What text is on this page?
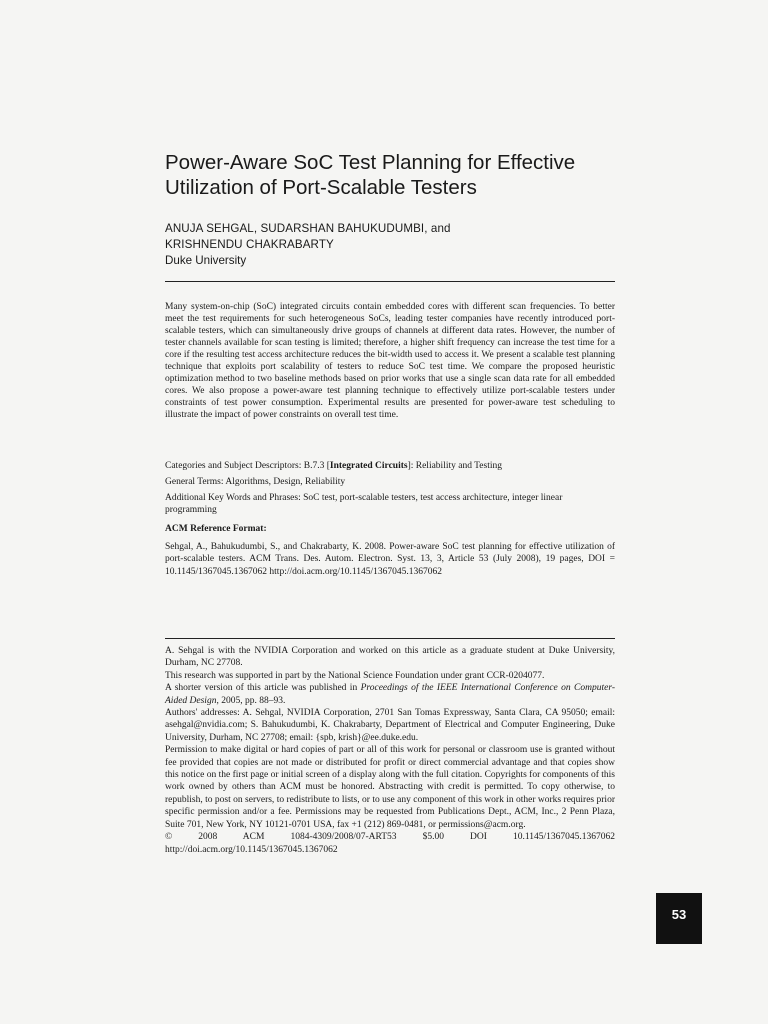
Power-Aware SoC Test Planning for Effective
Utilization of Port-Scalable Testers
ANUJA SEHGAL, SUDARSHAN BAHUKUDUMBI, and
KRISHNENDU CHAKRABARTY
Duke University

Many system-on-chip (SoC) integrated circuits contain embedded cores with different scan frequencies. To better meet the test requirements for such heterogeneous SoCs, leading tester companies have recently introduced port-scalable testers, which can simultaneously drive groups of channels at different data rates. However, the number of tester channels available for scan testing is limited; therefore, a higher shift frequency can increase the test time for a core if the resulting test access architecture reduces the bit-width used to access it. We present a scalable test planning technique that exploits port scalability of testers to reduce SoC test time. We compare the proposed heuristic optimization method to two baseline methods based on prior works that use a single scan data rate for all embedded cores. We also propose a power-aware test planning technique to effectively utilize port-scalable testers under constraints of test power consumption. Experimental results are presented for power-aware test scheduling to illustrate the impact of power constraints on overall test time.

Categories and Subject Descriptors: B.7.3 [Integrated Circuits]: Reliability and Testing
General Terms: Algorithms, Design, Reliability
Additional Key Words and Phrases: SoC test, port-scalable testers, test access architecture, integer linear programming
ACM Reference Format:
Sehgal, A., Bahukudumbi, S., and Chakrabarty, K. 2008. Power-aware SoC test planning for effective utilization of port-scalable testers. ACM Trans. Des. Autom. Electron. Syst. 13, 3, Article 53 (July 2008), 19 pages, DOI = 10.1145/1367045.1367062 http://doi.acm.org/10.1145/1367045.1367062

A. Sehgal is with the NVIDIA Corporation and worked on this article as a graduate student at Duke University, Durham, NC 27708.

This research was supported in part by the National Science Foundation under grant CCR-0204077.

A shorter version of this article was published in Proceedings of the IEEE International Conference on Computer-Aided Design, 2005, pp. 88–93.

Authors' addresses: A. Sehgal, NVIDIA Corporation, 2701 San Tomas Expressway, Santa Clara, CA 95050; email: asehgal@nvidia.com; S. Bahukudumbi, K. Chakrabarty, Department of Electrical and Computer Engineering, Duke University, Durham, NC 27708; email: {spb, krish}@ee.duke.edu.

Permission to make digital or hard copies of part or all of this work for personal or classroom use is granted without fee provided that copies are not made or distributed for profit or direct commercial advantage and that copies show this notice on the first page or initial screen of a display along with the full citation. Copyrights for components of this work owned by others than ACM must be honored. Abstracting with credit is permitted. To copy otherwise, to republish, to post on servers, to redistribute to lists, or to use any component of this work in other works requires prior specific permission and/or a fee. Permissions may be requested from Publications Dept., ACM, Inc., 2 Penn Plaza, Suite 701, New York, NY 10121-0701 USA, fax +1 (212) 869-0481, or permissions@acm.org.

© 2008 ACM 1084-4309/2008/07-ART53 $5.00 DOI 10.1145/1367045.1367062 http://doi.acm.org/10.1145/1367045.1367062

53
